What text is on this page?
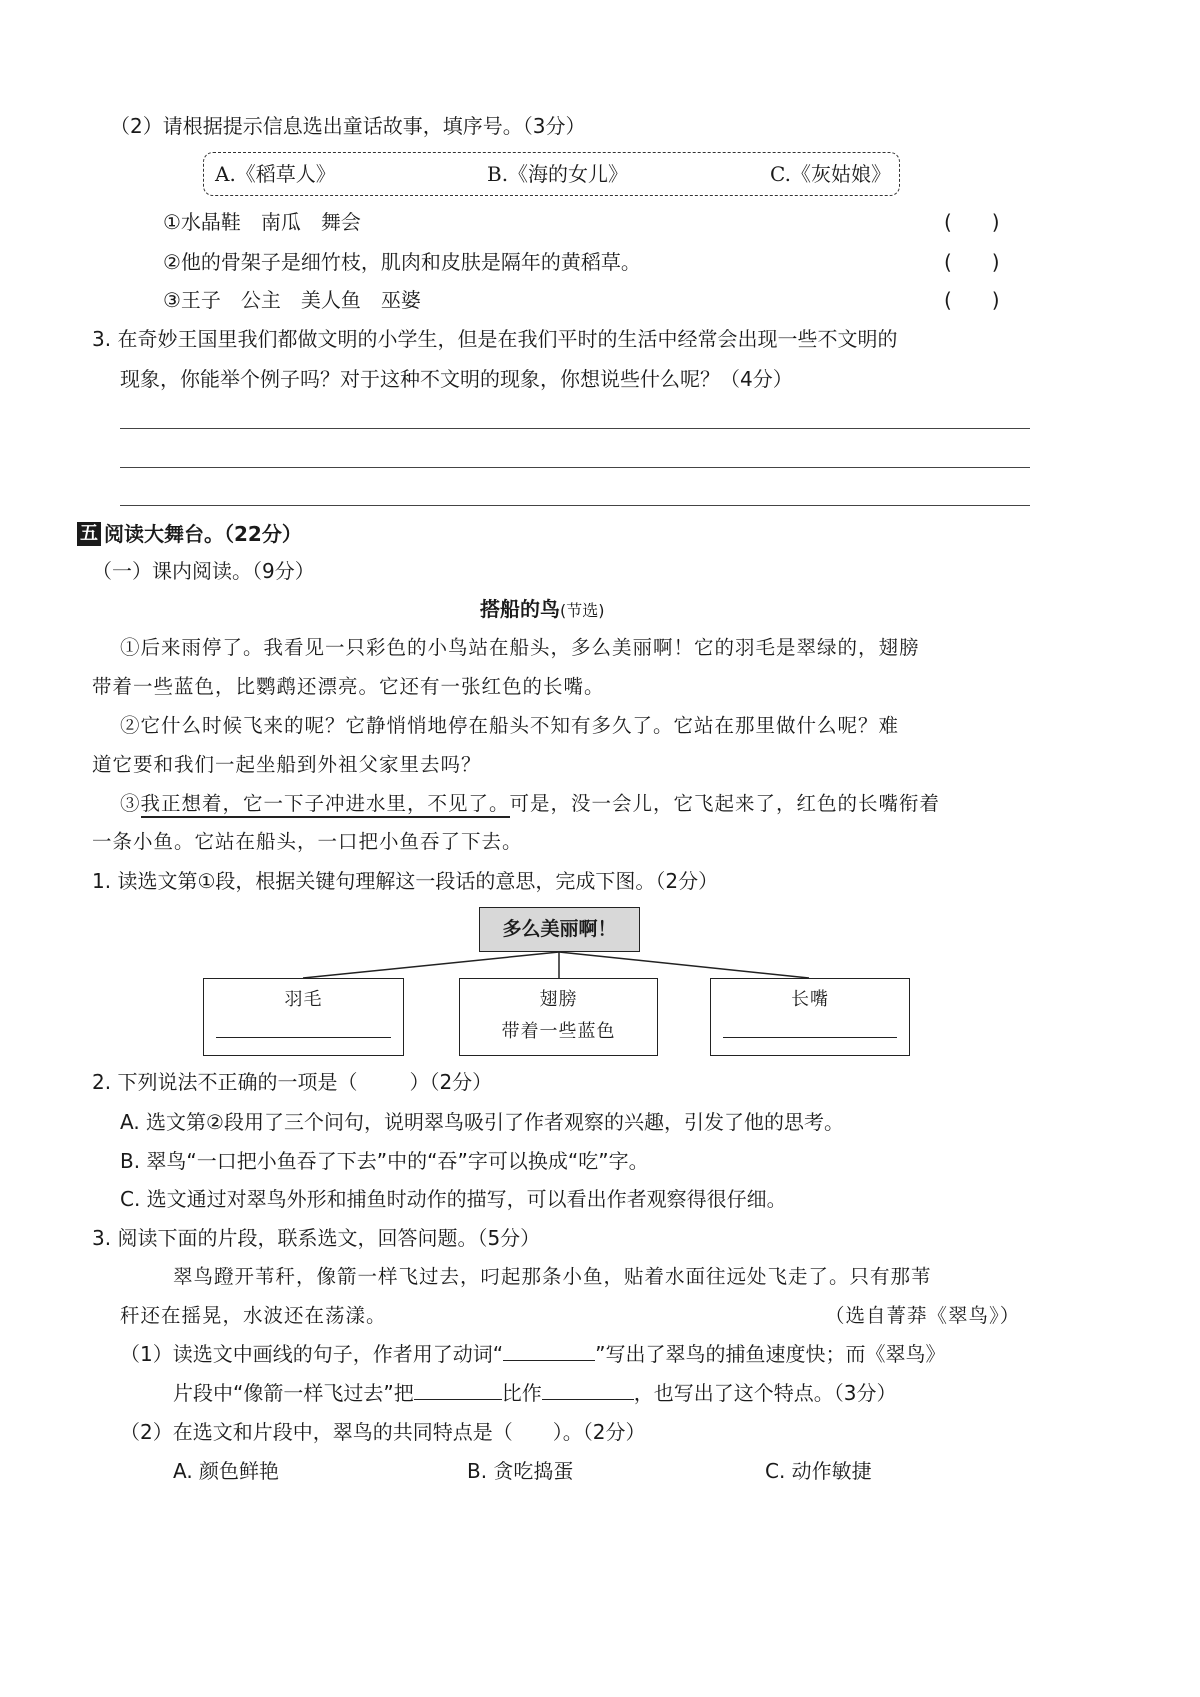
（2）请根据提示信息选出童话故事，填序号。（3分）
A.《稻草人》	B.《海的女儿》	C.《灰姑娘》
①水晶鞋　南瓜　舞会	(　　)
②他的骨架子是细竹枝，肌肉和皮肤是隔年的黄稻草。	(　　)
③王子　公主　美人鱼　巫婆	(　　)
3. 在奇妙王国里我们都做文明的小学生，但是在我们平时的生活中经常会出现一些不文明的
现象，你能举个例子吗？对于这种不文明的现象，你想说些什么呢？（4分）
五 阅读大舞台。（22分）
（一）课内阅读。（9分）
搭船的鸟(节选)
①后来雨停了。我看见一只彩色的小鸟站在船头，多么美丽啊！它的羽毛是翠绿的，翅膀
带着一些蓝色，比鹦鹉还漂亮。它还有一张红色的长嘴。
②它什么时候飞来的呢？它静悄悄地停在船头不知有多久了。它站在那里做什么呢？难
道它要和我们一起坐船到外祖父家里去吗？
③我正想着，它一下子冲进水里，不见了。可是，没一会儿，它飞起来了，红色的长嘴衔着
一条小鱼。它站在船头，一口把小鱼吞了下去。
1. 读选文第①段，根据关键句理解这一段话的意思，完成下图。（2分）
多么美丽啊！
羽毛	翅膀
带着一些蓝色
长嘴
2. 下列说法不正确的一项是（	）（2分）
A. 选文第②段用了三个问句，说明翠鸟吸引了作者观察的兴趣，引发了他的思考。
B. 翠鸟“一口把小鱼吞了下去”中的“吞”字可以换成“吃”字。
C. 选文通过对翠鸟外形和捕鱼时动作的描写，可以看出作者观察得很仔细。
3. 阅读下面的片段，联系选文，回答问题。（5分）
翠鸟蹬开苇秆，像箭一样飞过去，叼起那条小鱼，贴着水面往远处飞走了。只有那苇
秆还在摇晃，水波还在荡漾。	（选自菁莽《翠鸟》）
（1）读选文中画线的句子，作者用了动词“	”写出了翠鸟的捕鱼速度快；而《翠鸟》
片段中“像箭一样飞过去”把	比作	，也写出了这个特点。（3分）
（2）在选文和片段中，翠鸟的共同特点是（ ）。（2分）
A. 颜色鲜艳	B. 贪吃捣蛋	C. 动作敏捷
